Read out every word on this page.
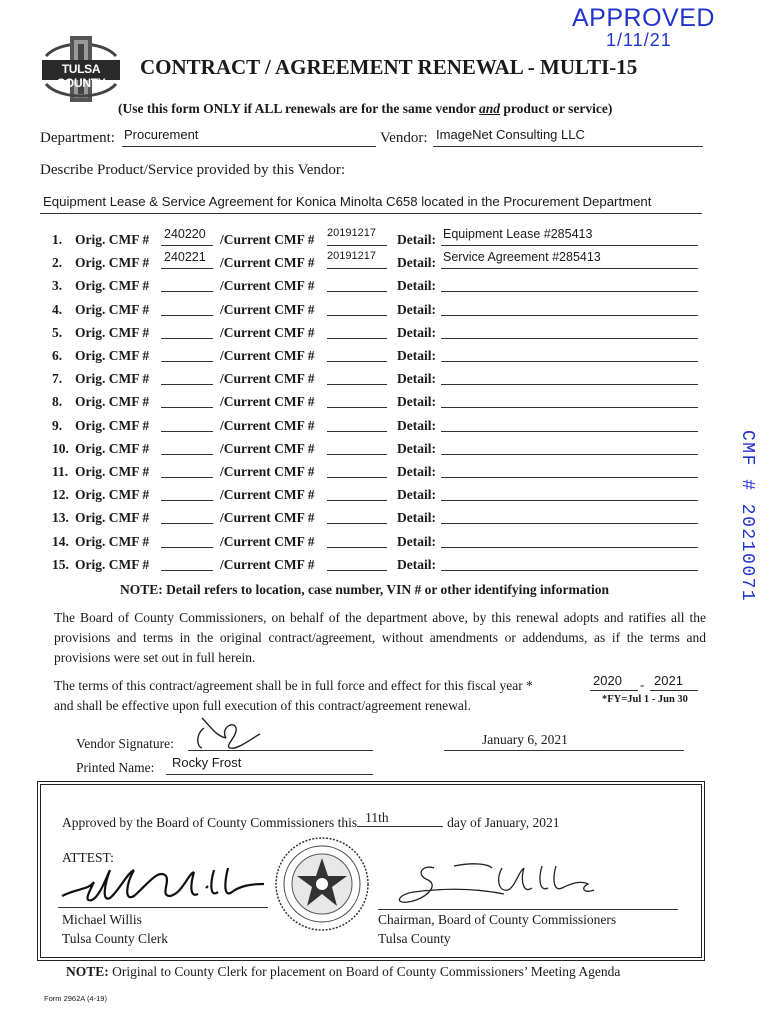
APPROVED
1/11/21
CMF # 20210071
TULSA COUNTY
CONTRACT / AGREEMENT RENEWAL - MULTI-15
(Use this form ONLY if ALL renewals are for the same vendor and product or service)
Department: Procurement	Vendor: ImageNet Consulting LLC
Describe Product/Service provided by this Vendor:
Equipment Lease & Service Agreement for Konica Minolta C658 located in the Procurement Department
1. Orig. CMF # 240220 /Current CMF # 20191217 Detail: Equipment Lease #285413
2. Orig. CMF # 240221 /Current CMF # 20191217 Detail: Service Agreement #285413
3. Orig. CMF #	/Current CMF #	Detail:
4. Orig. CMF #	/Current CMF #	Detail:
5. Orig. CMF #	/Current CMF #	Detail:
6. Orig. CMF #	/Current CMF #	Detail:
7. Orig. CMF #	/Current CMF #	Detail:
8. Orig. CMF #	/Current CMF #	Detail:
9. Orig. CMF #	/Current CMF #	Detail:
10. Orig. CMF #	/Current CMF #	Detail:
11. Orig. CMF #	/Current CMF #	Detail:
12. Orig. CMF #	/Current CMF #	Detail:
13. Orig. CMF #	/Current CMF #	Detail:
14. Orig. CMF #	/Current CMF #	Detail:
15. Orig. CMF #	/Current CMF #	Detail:
NOTE: Detail refers to location, case number, VIN # or other identifying information
The Board of County Commissioners, on behalf of the department above, by this renewal adopts and ratifies all the provisions and terms in the original contract/agreement, without amendments or addendums, as if the terms and provisions were set out in full herein.
The terms of this contract/agreement shall be in full force and effect for this fiscal year *
and shall be effective upon full execution of this contract/agreement renewal.
2020 - 2021
*FY=Jul 1 - Jun 30
Vendor Signature:	January 6, 2021
Printed Name: Rocky Frost
Approved by the Board of County Commissioners this 11th	day of January, 2021
ATTEST:
Michael Willis
Tulsa County Clerk
Chairman, Board of County Commissioners
Tulsa County
NOTE: Original to County Clerk for placement on Board of County Commissioners’ Meeting Agenda
Form 2962A (4-19)
